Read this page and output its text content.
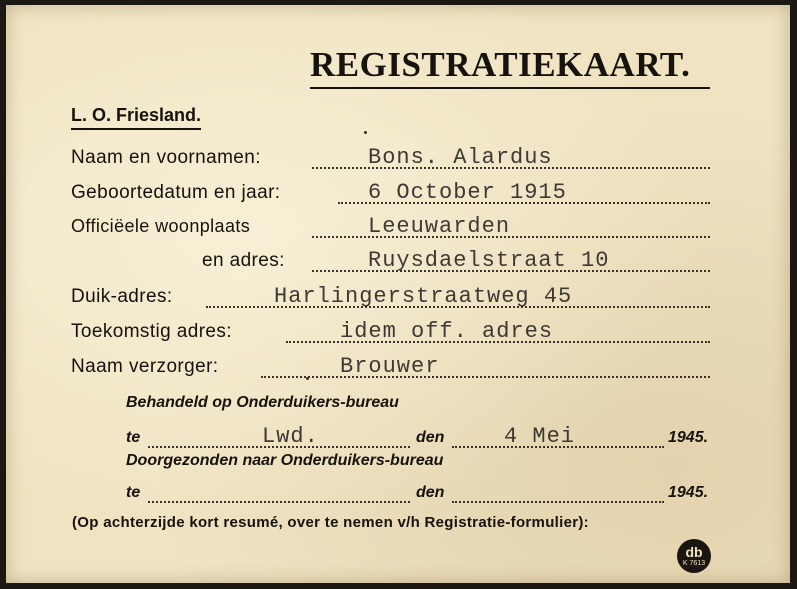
REGISTRATIEKAART.
L. O. Friesland.
Naam en voornamen:	Bons. Alardus
Geboortedatum en jaar:	6 October 1915
Officiëele woonplaats	Leeuwarden
en adres:	Ruysdaelstraat 10
Duik-adres:	Harlingerstraatweg 45
Toekomstig adres:	idem off. adres
Naam verzorger:	Brouwer
Behandeld op Onderduikers-bureau
te	Lwd.	den	4 Mei	1945.
Doorgezonden naar Onderduikers-bureau
te	den	1945.
(Op achterzijde kort resumé, over te nemen v/h Registratie-formulier):
db
K 7613
